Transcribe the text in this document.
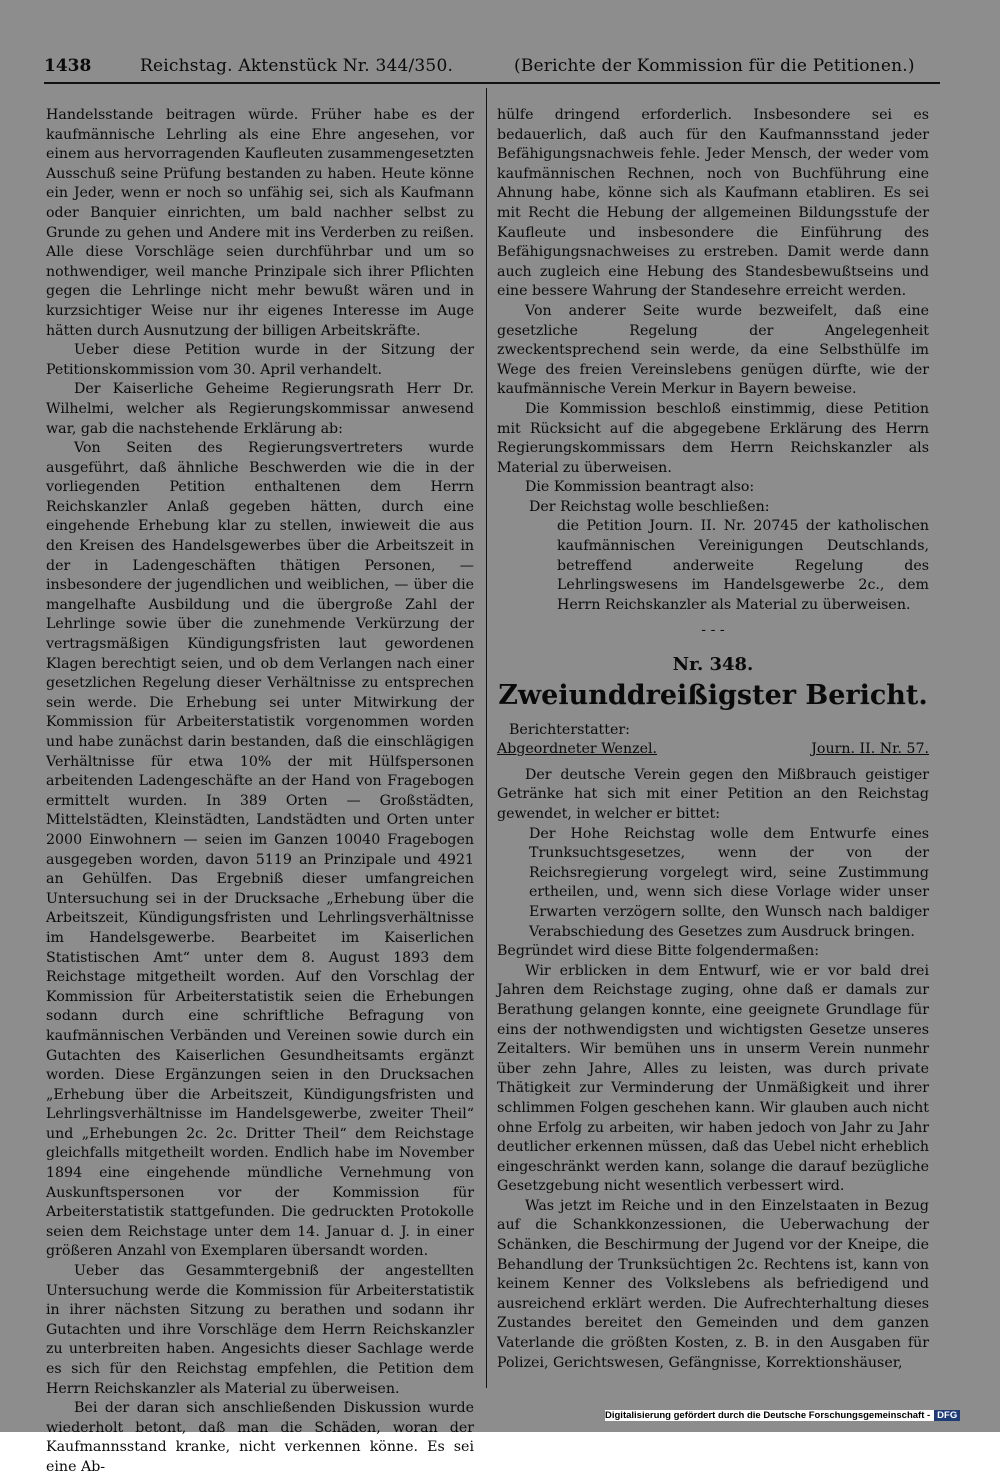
1438	Reichstag. Aktenstück Nr. 344/350.	(Berichte der Kommission für die Petitionen.)

Handelsstande beitragen würde. Früher habe es der kaufmännische Lehrling als eine Ehre angesehen, vor einem aus hervorragenden Kaufleuten zusammengesetzten Ausschuß seine Prüfung bestanden zu haben. Heute könne ein Jeder, wenn er noch so unfähig sei, sich als Kaufmann oder Banquier einrichten, um bald nachher selbst zu Grunde zu gehen und Andere mit ins Verderben zu reißen. Alle diese Vorschläge seien durchführbar und um so nothwendiger, weil manche Prinzipale sich ihrer Pflichten gegen die Lehrlinge nicht mehr bewußt wären und in kurzsichtiger Weise nur ihr eigenes Interesse im Auge hätten durch Ausnutzung der billigen Arbeitskräfte.

Ueber diese Petition wurde in der Sitzung der Petitionskommission vom 30. April verhandelt.

Der Kaiserliche Geheime Regierungsrath Herr Dr. Wilhelmi, welcher als Regierungskommissar anwesend war, gab die nachstehende Erklärung ab:

Von Seiten des Regierungsvertreters wurde ausgeführt, daß ähnliche Beschwerden wie die in der vorliegenden Petition enthaltenen dem Herrn Reichskanzler Anlaß gegeben hätten, durch eine eingehende Erhebung klar zu stellen, inwieweit die aus den Kreisen des Handelsgewerbes über die Arbeitszeit in der in Ladengeschäften thätigen Personen, — insbesondere der jugendlichen und weiblichen, — über die mangelhafte Ausbildung und die übergroße Zahl der Lehrlinge sowie über die zunehmende Verkürzung der vertragsmäßigen Kündigungsfristen laut gewordenen Klagen berechtigt seien, und ob dem Verlangen nach einer gesetzlichen Regelung dieser Verhältnisse zu entsprechen sein werde. Die Erhebung sei unter Mitwirkung der Kommission für Arbeiterstatistik vorgenommen worden und habe zunächst darin bestanden, daß die einschlägigen Verhältnisse für etwa 10% der mit Hülfspersonen arbeitenden Ladengeschäfte an der Hand von Fragebogen ermittelt wurden. In 389 Orten — Großstädten, Mittelstädten, Kleinstädten, Landstädten und Orten unter 2000 Einwohnern — seien im Ganzen 10040 Fragebogen ausgegeben worden, davon 5119 an Prinzipale und 4921 an Gehülfen. Das Ergebniß dieser umfangreichen Untersuchung sei in der Drucksache „Erhebung über die Arbeitszeit, Kündigungsfristen und Lehrlingsverhältnisse im Handelsgewerbe. Bearbeitet im Kaiserlichen Statistischen Amt“ unter dem 8. August 1893 dem Reichstage mitgetheilt worden. Auf den Vorschlag der Kommission für Arbeiterstatistik seien die Erhebungen sodann durch eine schriftliche Befragung von kaufmännischen Verbänden und Vereinen sowie durch ein Gutachten des Kaiserlichen Gesundheitsamts ergänzt worden. Diese Ergänzungen seien in den Drucksachen „Erhebung über die Arbeitszeit, Kündigungsfristen und Lehrlingsverhältnisse im Handelsgewerbe, zweiter Theil“ und „Erhebungen 2c. 2c. Dritter Theil“ dem Reichstage gleichfalls mitgetheilt worden. Endlich habe im November 1894 eine eingehende mündliche Vernehmung von Auskunftspersonen vor der Kommission für Arbeiterstatistik stattgefunden. Die gedruckten Protokolle seien dem Reichstage unter dem 14. Januar d. J. in einer größeren Anzahl von Exemplaren übersandt worden.

Ueber das Gesammtergebniß der angestellten Untersuchung werde die Kommission für Arbeiterstatistik in ihrer nächsten Sitzung zu berathen und sodann ihr Gutachten und ihre Vorschläge dem Herrn Reichskanzler zu unterbreiten haben. Angesichts dieser Sachlage werde es sich für den Reichstag empfehlen, die Petition dem Herrn Reichskanzler als Material zu überweisen.

Bei der daran sich anschließenden Diskussion wurde wiederholt betont, daß man die Schäden, woran der Kaufmannsstand kranke, nicht verkennen könne. Es sei eine Ab-

hülfe dringend erforderlich. Insbesondere sei es bedauerlich, daß auch für den Kaufmannsstand jeder Befähigungsnachweis fehle. Jeder Mensch, der weder vom kaufmännischen Rechnen, noch von Buchführung eine Ahnung habe, könne sich als Kaufmann etabliren. Es sei mit Recht die Hebung der allgemeinen Bildungsstufe der Kaufleute und insbesondere die Einführung des Befähigungsnachweises zu erstreben. Damit werde dann auch zugleich eine Hebung des Standesbewußtseins und eine bessere Wahrung der Standesehre erreicht werden.

Von anderer Seite wurde bezweifelt, daß eine gesetzliche Regelung der Angelegenheit zweckentsprechend sein werde, da eine Selbsthülfe im Wege des freien Vereinslebens genügen dürfte, wie der kaufmännische Verein Merkur in Bayern beweise.

Die Kommission beschloß einstimmig, diese Petition mit Rücksicht auf die abgegebene Erklärung des Herrn Regierungskommissars dem Herrn Reichskanzler als Material zu überweisen.

Die Kommission beantragt also:

Der Reichstag wolle beschließen:

die Petition Journ. II. Nr. 20745 der katholischen kaufmännischen Vereinigungen Deutschlands, betreffend anderweite Regelung des Lehrlingswesens im Handelsgewerbe 2c., dem Herrn Reichskanzler als Material zu überweisen.

- - -
Nr. 348.
Zweiunddreißigster Bericht.
Berichterstatter:
Abgeordneter Wenzel.	Journ. II. Nr. 57.

Der deutsche Verein gegen den Mißbrauch geistiger Getränke hat sich mit einer Petition an den Reichstag gewendet, in welcher er bittet:

Der Hohe Reichstag wolle dem Entwurfe eines Trunksuchtsgesetzes, wenn der von der Reichsregierung vorgelegt wird, seine Zustimmung ertheilen, und, wenn sich diese Vorlage wider unser Erwarten verzögern sollte, den Wunsch nach baldiger Verabschiedung des Gesetzes zum Ausdruck bringen.

Begründet wird diese Bitte folgendermaßen:

Wir erblicken in dem Entwurf, wie er vor bald drei Jahren dem Reichstage zuging, ohne daß er damals zur Berathung gelangen konnte, eine geeignete Grundlage für eins der nothwendigsten und wichtigsten Gesetze unseres Zeitalters. Wir bemühen uns in unserm Verein nunmehr über zehn Jahre, Alles zu leisten, was durch private Thätigkeit zur Verminderung der Unmäßigkeit und ihrer schlimmen Folgen geschehen kann. Wir glauben auch nicht ohne Erfolg zu arbeiten, wir haben jedoch von Jahr zu Jahr deutlicher erkennen müssen, daß das Uebel nicht erheblich eingeschränkt werden kann, solange die darauf bezügliche Gesetzgebung nicht wesentlich verbessert wird.

Was jetzt im Reiche und in den Einzelstaaten in Bezug auf die Schankkonzessionen, die Ueberwachung der Schänken, die Beschirmung der Jugend vor der Kneipe, die Behandlung der Trunksüchtigen 2c. Rechtens ist, kann von keinem Kenner des Volkslebens als befriedigend und ausreichend erklärt werden. Die Aufrechterhaltung dieses Zustandes bereitet den Gemeinden und dem ganzen Vaterlande die größten Kosten, z. B. in den Ausgaben für Polizei, Gerichtswesen, Gefängnisse, Korrektionshäuser,

Digitalisierung gefördert durch die Deutsche Forschungsgemeinschaft - DFG
